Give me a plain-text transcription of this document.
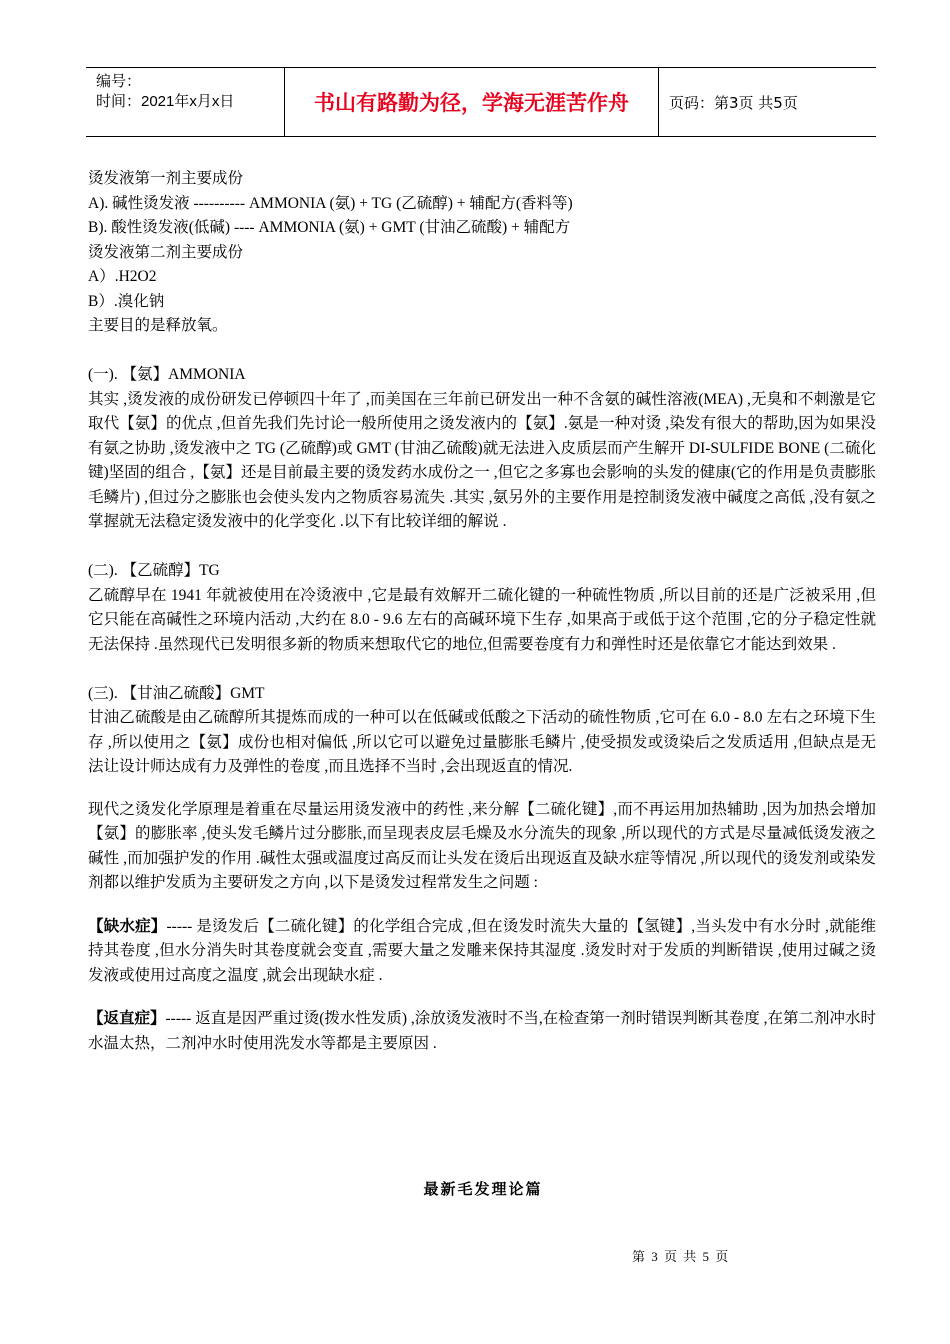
编号：
时间：2021年x月x日	书山有路勤为径，学海无涯苦作舟	页码：第3页 共5页

烫发液第一剂主要成份

A). 碱性烫发液 ---------- AMMONIA (氨) + TG (乙硫醇) + 辅配方(香料等)

B). 酸性烫发液(低碱) ---- AMMONIA (氨) + GMT (甘油乙硫酸) + 辅配方

烫发液第二剂主要成份

A）.H2O2

B）.溴化钠

主要目的是释放氧。

(一). 【氨】AMMONIA

其实 ,烫发液的成份研发已停顿四十年了 ,而美国在三年前已研发出一种不含氨的碱性溶液(MEA) ,无臭和不刺激是它取代【氨】的优点 ,但首先我们先讨论一般所使用之烫发液内的【氨】.氨是一种对烫 ,染发有很大的帮助,因为如果没有氨之协助 ,烫发液中之 TG (乙硫醇)或 GMT (甘油乙硫酸)就无法进入皮质层而产生解开 DI-SULFIDE BONE (二硫化键)坚固的组合 ,【氨】还是目前最主要的烫发药水成份之一 ,但它之多寡也会影响的头发的健康(它的作用是负责膨胀毛鳞片) ,但过分之膨胀也会使头发内之物质容易流失 .其实 ,氨另外的主要作用是控制烫发液中碱度之高低 ,没有氨之掌握就无法稳定烫发液中的化学变化 .以下有比较详细的解说 .

(二). 【乙硫醇】TG

乙硫醇早在 1941 年就被使用在冷烫液中 ,它是最有效解开二硫化键的一种硫性物质 ,所以目前的还是广泛被采用 ,但它只能在高碱性之环境内活动 ,大约在 8.0 - 9.6 左右的高碱环境下生存 ,如果高于或低于这个范围 ,它的分子稳定性就无法保持 .虽然现代已发明很多新的物质来想取代它的地位,但需要卷度有力和弹性时还是依靠它才能达到效果 .

(三). 【甘油乙硫酸】GMT

甘油乙硫酸是由乙硫醇所其提炼而成的一种可以在低碱或低酸之下活动的硫性物质 ,它可在 6.0 - 8.0 左右之环境下生存 ,所以使用之【氨】成份也相对偏低 ,所以它可以避免过量膨胀毛鳞片 ,使受损发或烫染后之发质适用 ,但缺点是无法让设计师达成有力及弹性的卷度 ,而且选择不当时 ,会出现返直的情况.

现代之烫发化学原理是着重在尽量运用烫发液中的药性 ,来分解【二硫化键】,而不再运用加热辅助 ,因为加热会增加【氨】的膨胀率 ,使头发毛鳞片过分膨胀,而呈现表皮层毛燥及水分流失的现象 ,所以现代的方式是尽量减低烫发液之碱性 ,而加强护发的作用 .碱性太强或温度过高反而让头发在烫后出现返直及缺水症等情况 ,所以现代的烫发剂或染发剂都以维护发质为主要研发之方向 ,以下是烫发过程常发生之问题 :

【缺水症】----- 是烫发后【二硫化键】的化学组合完成 ,但在烫发时流失大量的【氢键】,当头发中有水分时 ,就能维持其卷度 ,但水分消失时其卷度就会变直 ,需要大量之发雕来保持其湿度 .烫发时对于发质的判断错误 ,使用过碱之烫发液或使用过高度之温度 ,就会出现缺水症 .

【返直症】----- 返直是因严重过烫(拨水性发质) ,涂放烫发液时不当,在检查第一剂时错误判断其卷度 ,在第二剂冲水时水温太热，二剂冲水时使用洗发水等都是主要原因 .

最新毛发理论篇
第 3 页 共 5 页
